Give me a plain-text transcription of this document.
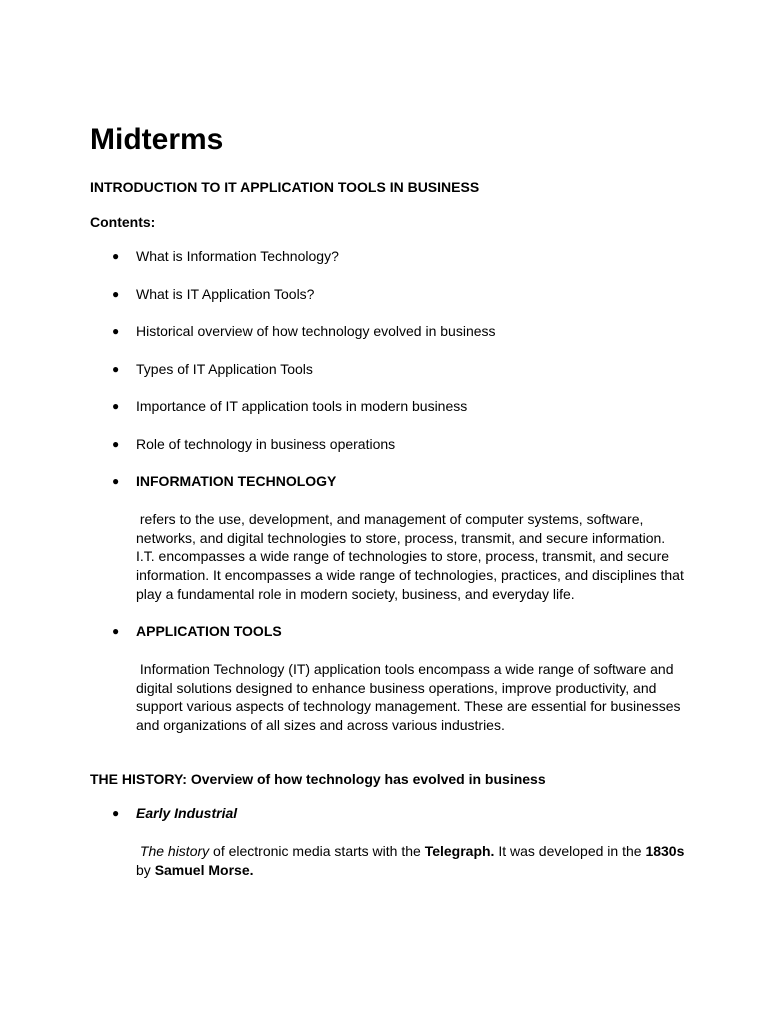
Midterms
INTRODUCTION TO IT APPLICATION TOOLS IN BUSINESS
Contents:
● What is Information Technology?
● What is IT Application Tools?
● Historical overview of how technology evolved in business
● Types of IT Application Tools
● Importance of IT application tools in modern business
● Role of technology in business operations
● INFORMATION TECHNOLOGY
refers to the use, development, and management of computer systems, software,
networks, and digital technologies to store, process, transmit, and secure information.
I.T. encompasses a wide range of technologies to store, process, transmit, and secure
information. It encompasses a wide range of technologies, practices, and disciplines that
play a fundamental role in modern society, business, and everyday life.
● APPLICATION TOOLS
Information Technology (IT) application tools encompass a wide range of software and
digital solutions designed to enhance business operations, improve productivity, and
support various aspects of technology management. These are essential for businesses
and organizations of all sizes and across various industries.
THE HISTORY: Overview of how technology has evolved in business
● Early Industrial
The history of electronic media starts with the Telegraph. It was developed in the 1830s
by Samuel Morse.
